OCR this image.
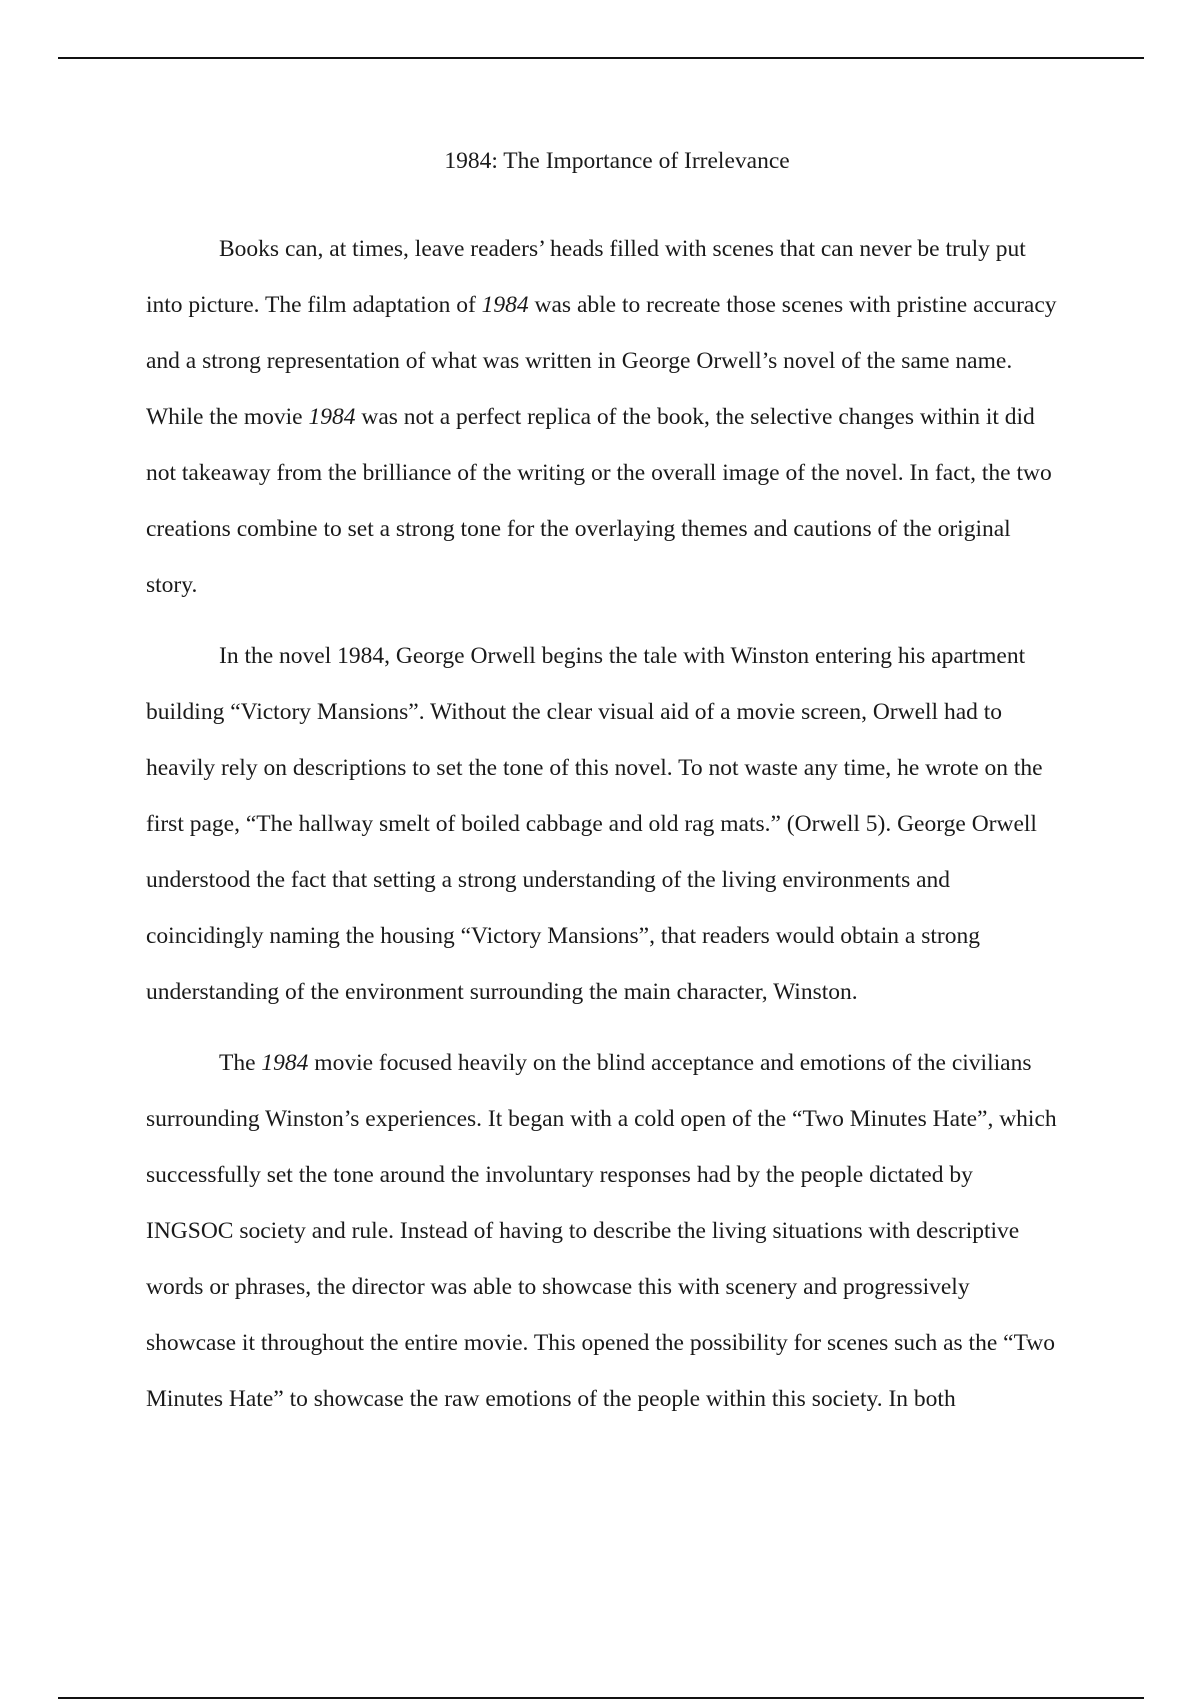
1984: The Importance of Irrelevance

Books can, at times, leave readers’ heads filled with scenes that can never be truly put
into picture. The film adaptation of 1984 was able to recreate those scenes with pristine accuracy
and a strong representation of what was written in George Orwell’s novel of the same name.
While the movie 1984 was not a perfect replica of the book, the selective changes within it did
not takeaway from the brilliance of the writing or the overall image of the novel. In fact, the two
creations combine to set a strong tone for the overlaying themes and cautions of the original
story.

In the novel 1984, George Orwell begins the tale with Winston entering his apartment
building “Victory Mansions”. Without the clear visual aid of a movie screen, Orwell had to
heavily rely on descriptions to set the tone of this novel. To not waste any time, he wrote on the
first page, “The hallway smelt of boiled cabbage and old rag mats.” (Orwell 5). George Orwell
understood the fact that setting a strong understanding of the living environments and
coincidingly naming the housing “Victory Mansions”, that readers would obtain a strong
understanding of the environment surrounding the main character, Winston.

The 1984 movie focused heavily on the blind acceptance and emotions of the civilians
surrounding Winston’s experiences. It began with a cold open of the “Two Minutes Hate”, which
successfully set the tone around the involuntary responses had by the people dictated by
INGSOC society and rule. Instead of having to describe the living situations with descriptive
words or phrases, the director was able to showcase this with scenery and progressively
showcase it throughout the entire movie. This opened the possibility for scenes such as the “Two
Minutes Hate” to showcase the raw emotions of the people within this society. In both
